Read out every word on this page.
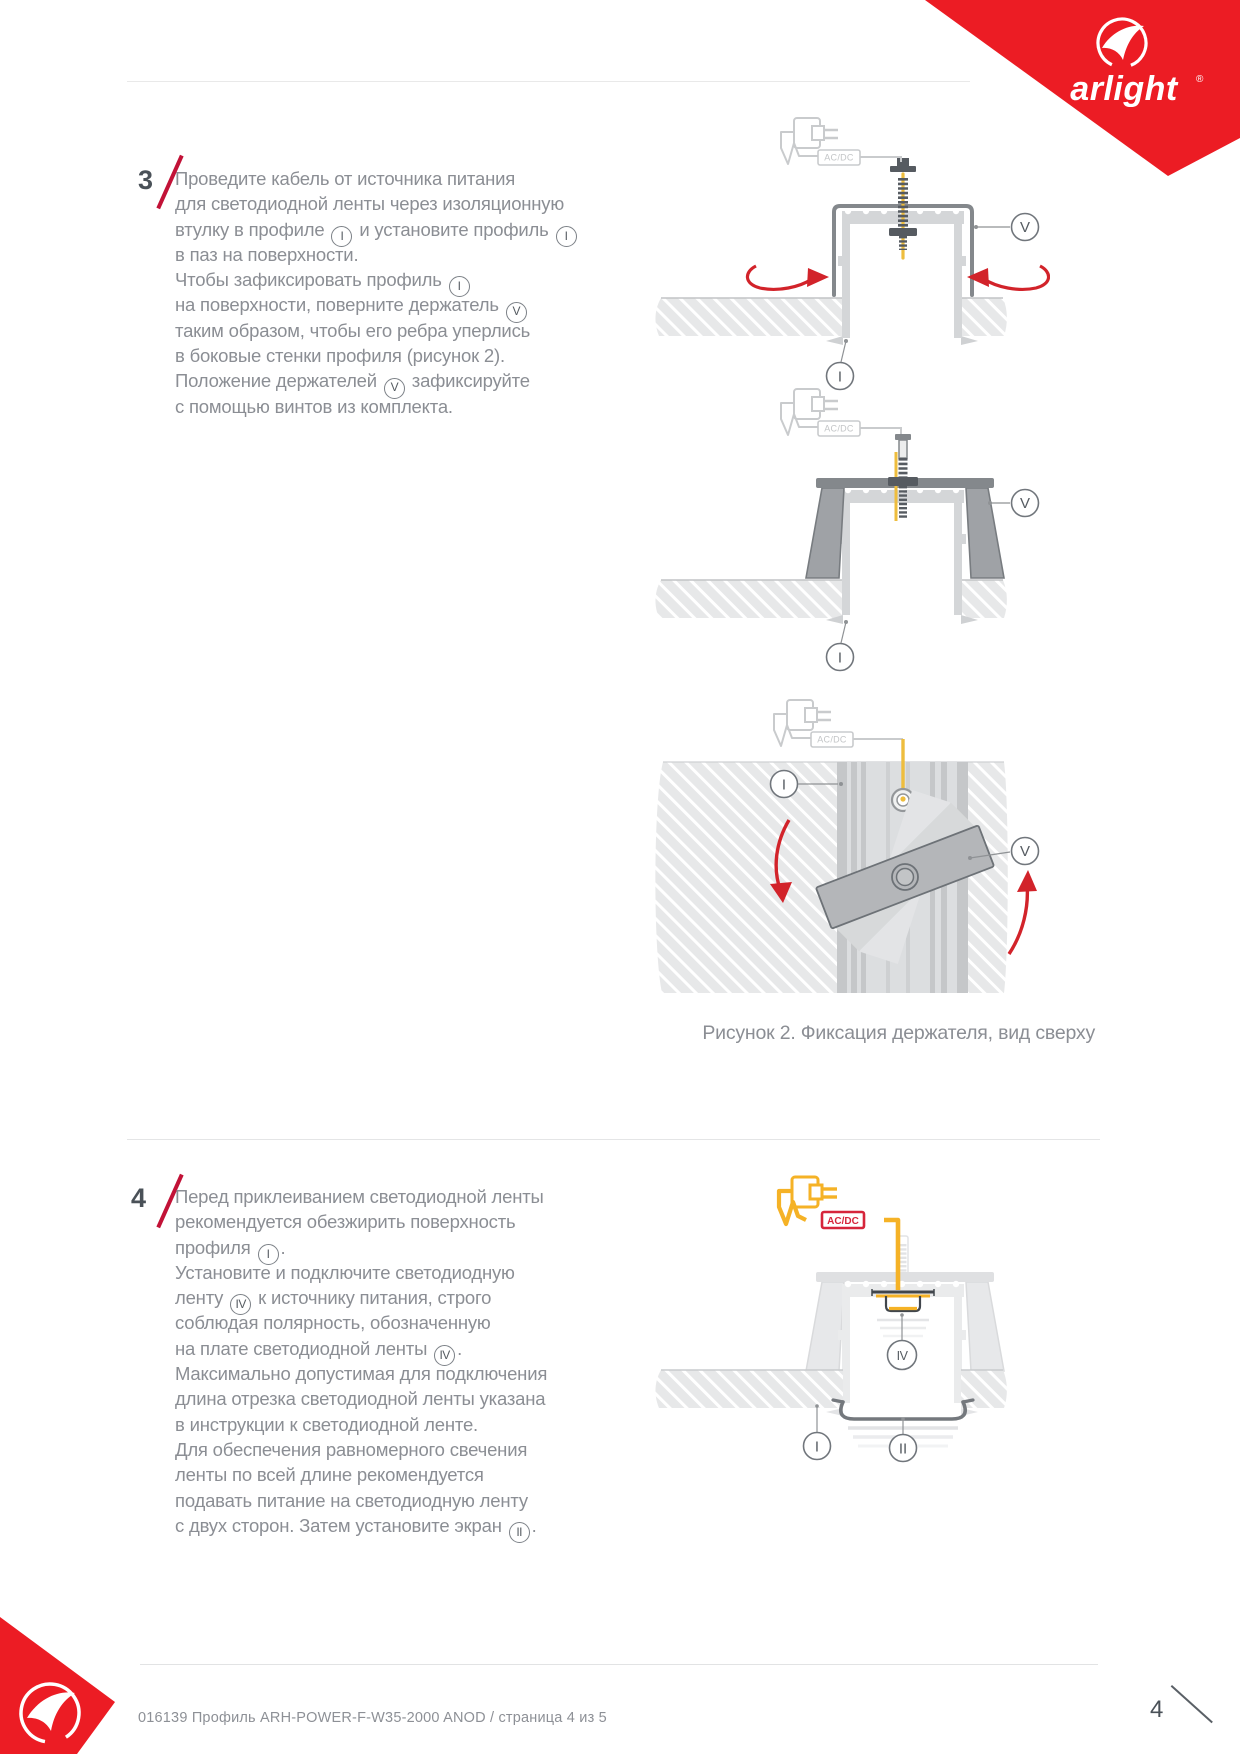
arlight ®
3 Проведите кабель от источника питания
для светодиодной ленты через изоляционную
втулку в профиле I и установите профиль I
в паз на поверхности.
Чтобы зафиксировать профиль I
на поверхности, поверните держатель V
таким образом, чтобы его ребра уперлись
в боковые стенки профиля (рисунок 2).
Положение держателей V зафиксируйте
с помощью винтов из комплекта.
AC/DC
V
I
AC/DC
V
I
AC/DC
I
V
Рисунок 2. Фиксация держателя, вид сверху
4 Перед приклеиванием светодиодной ленты
рекомендуется обезжирить поверхность
профиля I .
Установите и подключите светодиодную
ленту IV к источнику питания, строго
соблюдая полярность, обозначенную
на плате светодиодной ленты IV .
Максимально допустимая для подключения
длина отрезка светодиодной ленты указана
в инструкции к светодиодной ленте.
Для обеспечения равномерного свечения
ленты по всей длине рекомендуется
подавать питание на светодиодную ленту
с двух сторон. Затем установите экран II .
AC/DC
IV
I	II
016139 Профиль ARH-POWER-F-W35-2000 ANOD / страница 4 из 5	4
